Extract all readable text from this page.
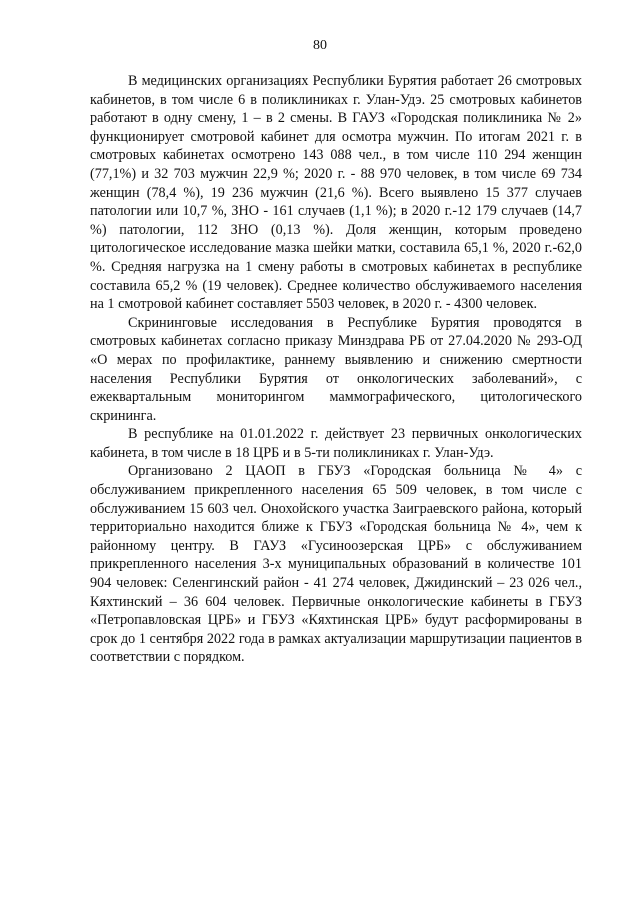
80

В медицинских организациях Республики Бурятия работает 26 смотровых кабинетов, в том числе 6 в поликлиниках г. Улан-Удэ. 25 смотровых кабинетов работают в одну смену, 1 – в 2 смены. В ГАУЗ «Городская поликлиника № 2» функционирует смотровой кабинет для осмотра мужчин. По итогам 2021 г. в смотровых кабинетах осмотрено 143 088 чел., в том числе 110 294 женщин (77,1%) и 32 703 мужчин 22,9 %; 2020 г. - 88 970 человек, в том числе 69 734 женщин (78,4 %), 19 236 мужчин (21,6 %). Всего выявлено 15 377 случаев патологии или 10,7 %, ЗНО - 161 случаев (1,1 %); в 2020 г.-12 179 случаев (14,7 %) патологии, 112 ЗНО (0,13 %). Доля женщин, которым проведено цитологическое исследование мазка шейки матки, составила 65,1 %, 2020 г.-62,0 %. Средняя нагрузка на 1 смену работы в смотровых кабинетах в республике составила 65,2 % (19 человек). Среднее количество обслуживаемого населения на 1 смотровой кабинет составляет 5503 человек, в 2020 г. - 4300 человек.

Скрининговые исследования в Республике Бурятия проводятся в смотровых кабинетах согласно приказу Минздрава РБ от 27.04.2020 № 293-ОД «О мерах по профилактике, раннему выявлению и снижению смертности населения Республики Бурятия от онкологических заболеваний», с ежеквартальным мониторингом маммографического, цитологического скрининга.

В республике на 01.01.2022 г. действует 23 первичных онкологических кабинета, в том числе в 18 ЦРБ и в 5-ти поликлиниках г. Улан-Удэ.

Организовано 2 ЦАОП в ГБУЗ «Городская больница № 4» с обслуживанием прикрепленного населения 65 509 человек, в том числе с обслуживанием 15 603 чел. Онохойского участка Заиграевского района, который территориально находится ближе к ГБУЗ «Городская больница № 4», чем к районному центру. В ГАУЗ «Гусиноозерская ЦРБ» с обслуживанием прикрепленного населения 3-х муниципальных образований в количестве 101 904 человек: Селенгинский район - 41 274 человек, Джидинский – 23 026 чел., Кяхтинский – 36 604 человек. Первичные онкологические кабинеты в ГБУЗ «Петропавловская ЦРБ» и ГБУЗ «Кяхтинская ЦРБ» будут расформированы в срок до 1 сентября 2022 года в рамках актуализации маршрутизации пациентов в соответствии с порядком.
